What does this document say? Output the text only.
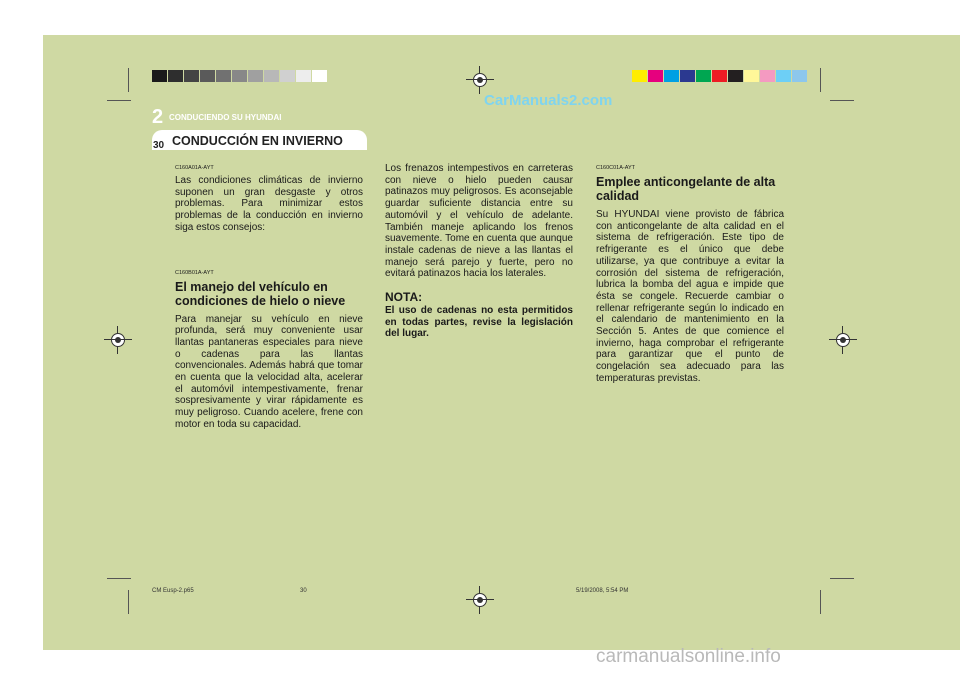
CarManuals2.com
2 CONDUCIENDO SU HYUNDAI
CONDUCCIÓN EN INVIERNO
30

C160A01A-AYT

Las condiciones climáticas de invierno suponen un gran desgaste y otros problemas. Para minimizar estos problemas de la conducción en invierno siga estos consejos:

C160B01A-AYT

El manejo del vehículo en condiciones de hielo o nieve

Para manejar su vehículo en nieve profunda, será muy conveniente usar llantas pantaneras especiales para nieve o cadenas para las llantas convencionales. Además habrá que tomar en cuenta que la velocidad alta, acelerar el automóvil intempestivamente, frenar sospresivamente y virar rápidamente es muy peligroso. Cuando acelere, frene con motor en toda su capacidad.

Los frenazos intempestivos en carreteras con nieve o hielo pueden causar patinazos muy peligrosos. Es aconsejable guardar suficiente distancia entre su automóvil y el vehículo de adelante. También maneje aplicando los frenos suavemente. Tome en cuenta que aunque instale cadenas de nieve a las llantas el manejo será parejo y fuerte, pero no evitará patinazos hacia los laterales.

NOTA:

El uso de cadenas no esta permitidos en todas partes, revise la legislación del lugar.

C160C01A-AYT

Emplee anticongelante de alta calidad

Su HYUNDAI viene provisto de fábrica con anticongelante de alta calidad en el sistema de refrigeración. Este tipo de refrigerante es el único que debe utilizarse, ya que contribuye a evitar la corrosión del sistema de refrigeración, lubrica la bomba del agua e impide que ésta se congele. Recuerde cambiar o rellenar refrigerante según lo indicado en el calendario de mantenimiento en la Sección 5. Antes de que comience el invierno, haga comprobar el refrigerante para garantizar que el punto de congelación sea adecuado para las temperaturas previstas.

CM Eusp-2.p65	30	5/19/2008, 5:54 PM
carmanualsonline.info
